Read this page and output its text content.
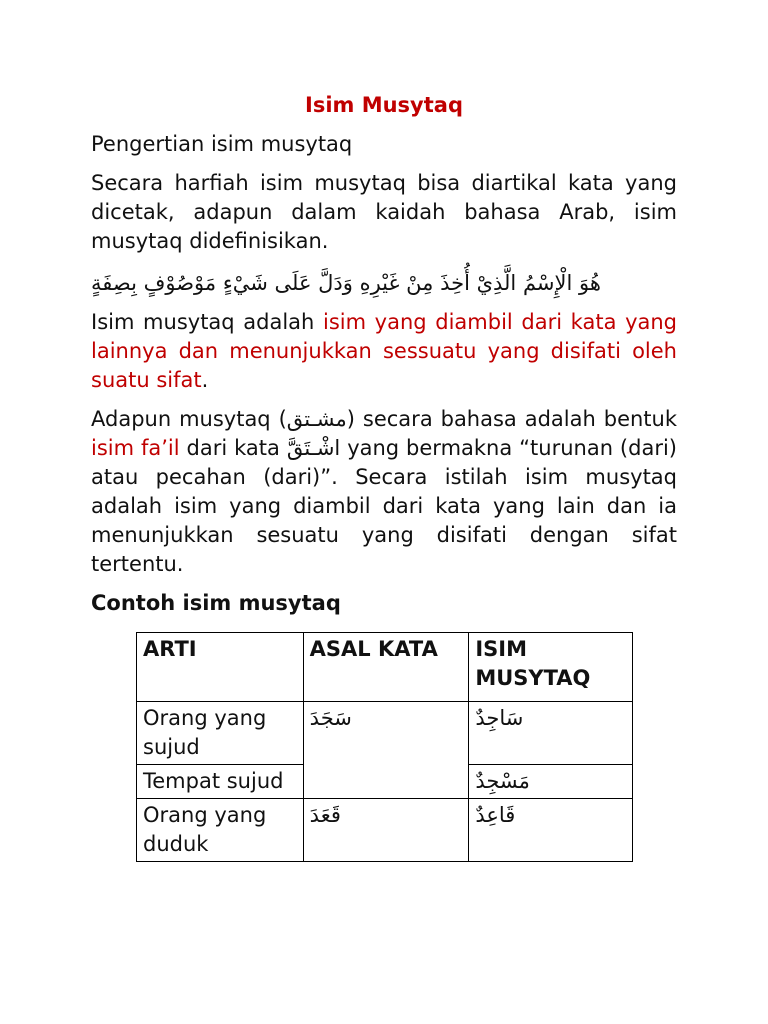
Isim Musytaq
Pengertian isim musytaq
Secara harfiah isim musytaq bisa diartikal kata yang dicetak, adapun dalam kaidah bahasa Arab, isim musytaq didefinisikan.
هُوَ الْإِسْمُ الَّذِيْ أُخِذَ مِنْ غَيْرِهِ وَدَلَّ عَلَى شَيْءٍ مَوْصُوْفٍ بِصِفَةٍ
Isim musytaq adalah isim yang diambil dari kata yang lainnya dan menunjukkan sessuatu yang disifati oleh suatu sifat.
Adapun musytaq (مشـتق) secara bahasa adalah bentuk isim fa’il dari kata اشْـتَقَّ yang bermakna “turunan (dari) atau pecahan (dari)”. Secara istilah isim musytaq adalah isim yang diambil dari kata yang lain dan ia menunjukkan sesuatu yang disifati dengan sifat tertentu.
Contoh isim musytaq
ARTI	ASAL KATA	ISIM MUSYTAQ
Orang yang sujud	سَجَدَ	سَاجِدٌ
Tempat sujud		مَسْجِدٌ
Orang yang duduk	قَعَدَ	قَاعِدٌ
